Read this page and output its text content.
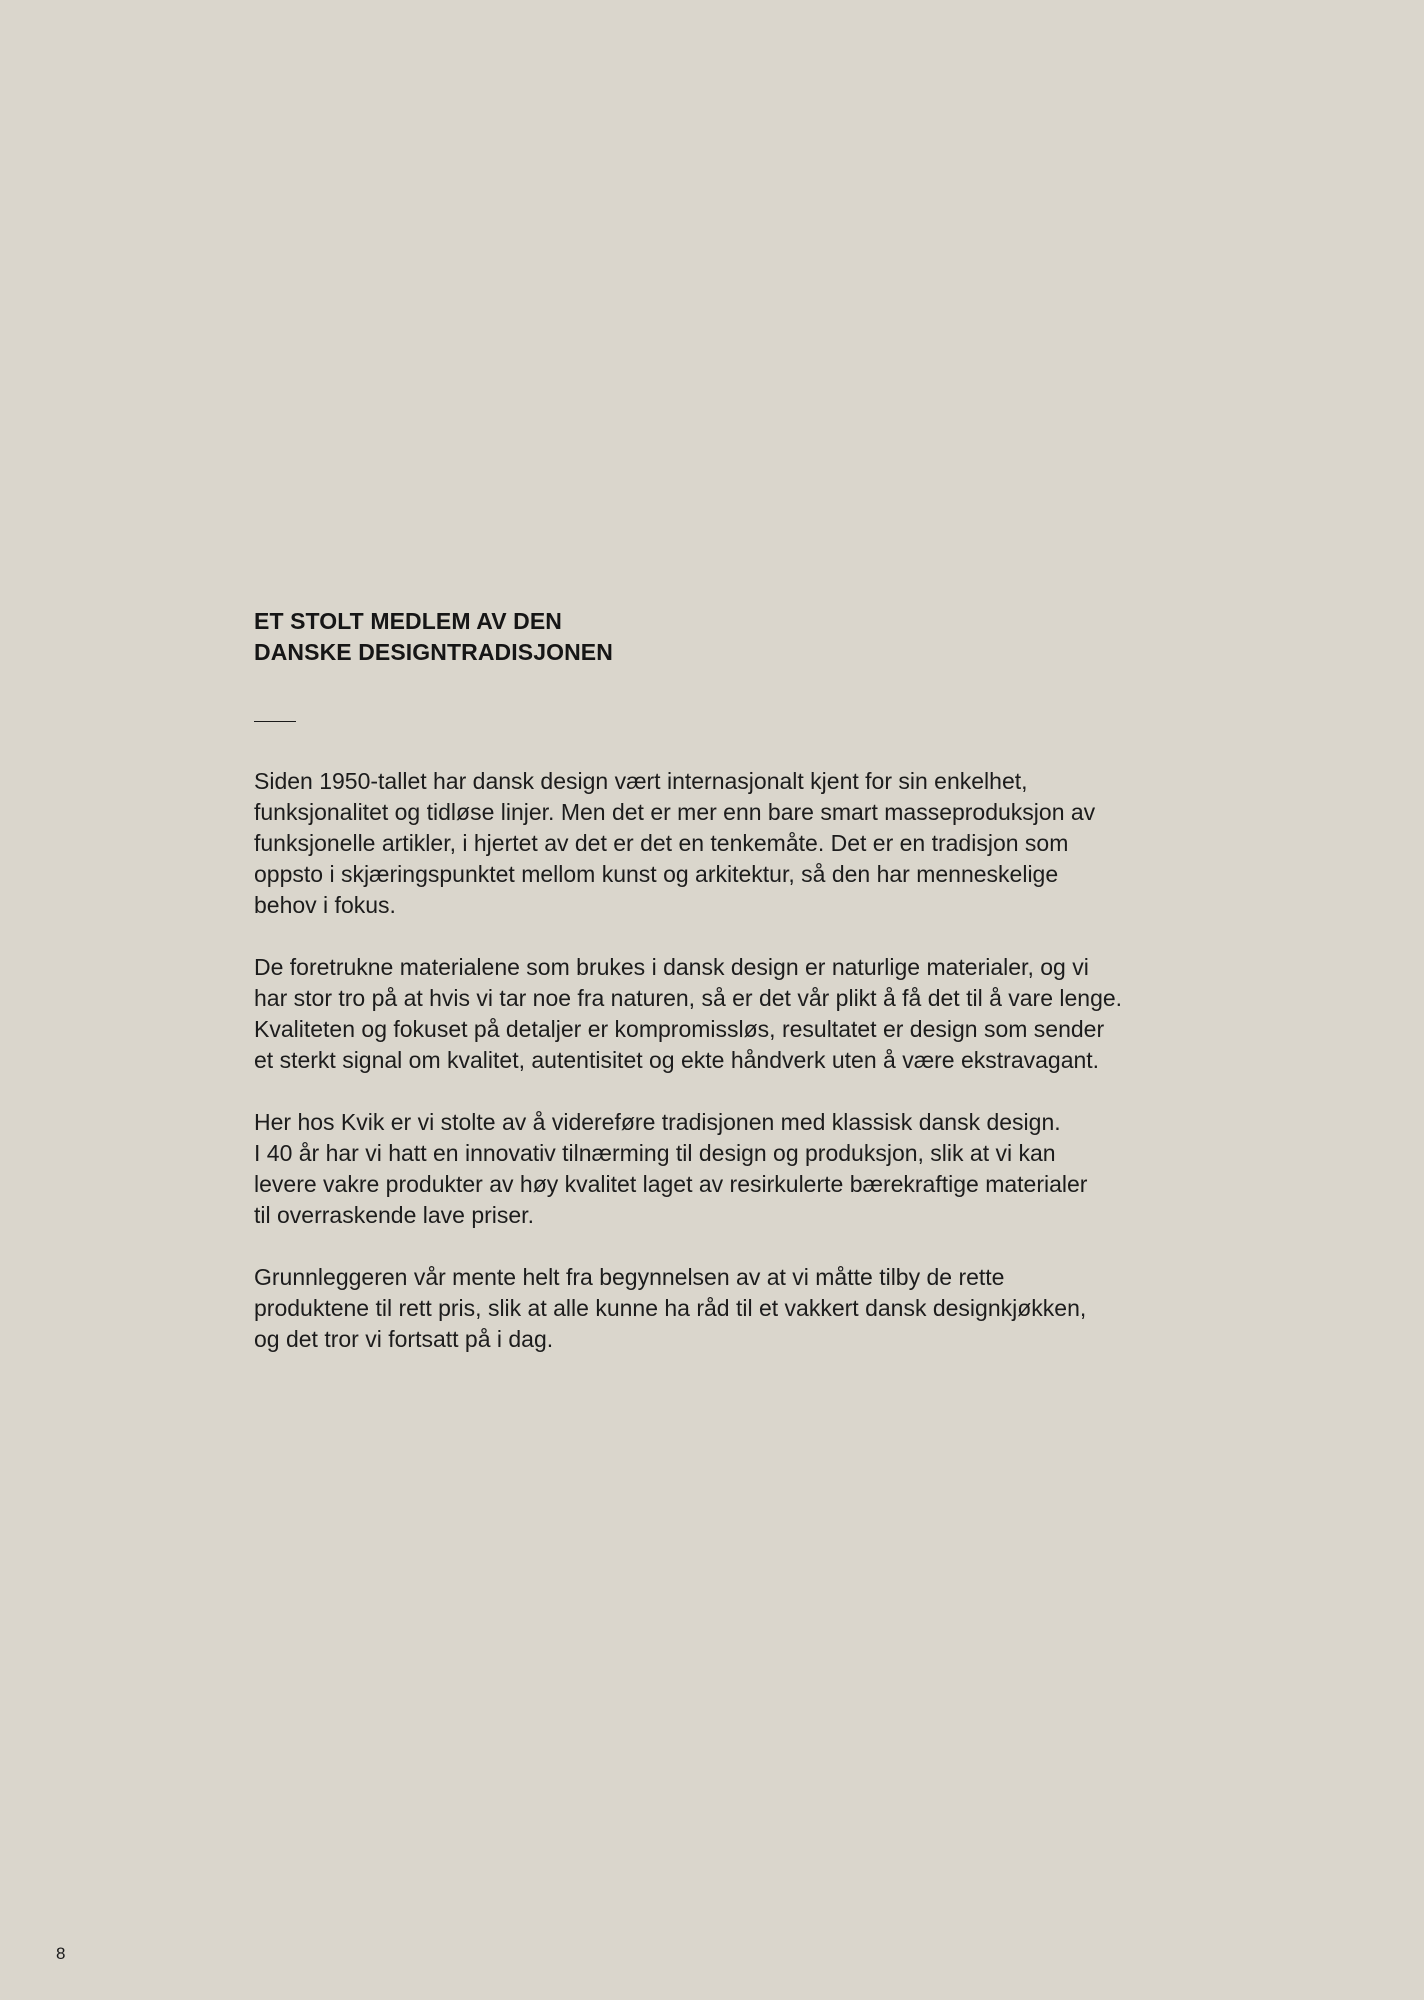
ET STOLT MEDLEM AV DEN
DANSKE DESIGNTRADISJONEN

Siden 1950-tallet har dansk design vært internasjonalt kjent for sin enkelhet,
funksjonalitet og tidløse linjer. Men det er mer enn bare smart masseproduksjon av
funksjonelle artikler, i hjertet av det er det en tenkemåte. Det er en tradisjon som
oppsto i skjæringspunktet mellom kunst og arkitektur, så den har menneskelige
behov i fokus.

De foretrukne materialene som brukes i dansk design er naturlige materialer, og vi
har stor tro på at hvis vi tar noe fra naturen, så er det vår plikt å få det til å vare lenge.
Kvaliteten og fokuset på detaljer er kompromissløs, resultatet er design som sender
et sterkt signal om kvalitet, autentisitet og ekte håndverk uten å være ekstravagant.

Her hos Kvik er vi stolte av å videreføre tradisjonen med klassisk dansk design.
I 40 år har vi hatt en innovativ tilnærming til design og produksjon, slik at vi kan
levere vakre produkter av høy kvalitet laget av resirkulerte bærekraftige materialer
til overraskende lave priser.

Grunnleggeren vår mente helt fra begynnelsen av at vi måtte tilby de rette
produktene til rett pris, slik at alle kunne ha råd til et vakkert dansk designkjøkken,
og det tror vi fortsatt på i dag.

8
